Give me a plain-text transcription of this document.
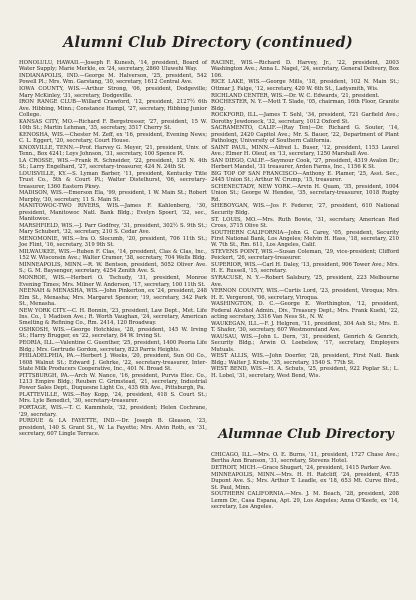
Alumni Club Directory (continued)

HONOLULU, HAWAII.—Joseph F. Kunesh, '14, president, Board of Water Supply; Marie Merkle, ex '24, secretary, 2860 Uluwehi Way.

INDIANAPOLIS, IND.—George M. Halverson, '25, president, 542 Powell Pl.; Mrs. Wm. Garstang, '30, secretary, 1612 Central Ave.

IOWA COUNTY, WIS.—Arthur Strong, '06, president, Dodgeville; Mary McKinley, '31, secretary, Dodgeville.

IRON RANGE CLUB—Willard Crawford, '12, president, 2127½ 6th Ave. Hibbing, Minn.; Constance Hampl, '27, secretary, Hibbing Junior College.

KANSAS CITY, MO.—Richard F. Bergstresser, '27, president, 15 W. 10th St.; Martin Lehman, '35, secretary, 3517 Cherry St.

KENOSHA, WIS.—Chester M. Zeff, ex '16, president, Evening News; C. L. Eggert, '20, secretary, Court House.

KNOXVILLE, TENN.—Prof. Harvey G. Meyer, '21, president, Univ. of Tenn., Box 4241; Loys Johnson, '31, secretary, 100 Spence Pl.

LA CROSSE, WIS.—Frank R. Schneider, '22, president, 125 N. 4th St.; Larry Engelhard, '27, secretary-treasurer, 424 N. 24th St.

LOUISVILLE, KY.—S. Lyman Barber, '11, president, Kentucky Title Trust Co., 5th & Court Pl.; Walter Distelhurst, '06, secretary-treasurer, 1360 Eastern Pkwy.

MADISON, WIS.—Emerson Ela, '99, president, 1 W. Main St.; Robert Murphy, '30, secretary, 11 S. Main St.

MANITOWOC-TWO RIVERS, WIS.—James F. Kahlenberg, '30, president, Manitowoc Natl. Bank Bldg.; Evelyn Spoerl, '32, sec., Manitowoc.

MARSHFIELD, WIS.—J. Parr Godfrey, '31, president, 302½ S. 9th St.; Mary Schubert, '32, secretary, 210 S. Cedar Ave.

MENOMONIE, WIS.—Ira O. Slocumb, '20, president, 706 11th St.; Joe Flint, '16, secretary, 319 9th St.

MILWAUKEE, WIS.—Ruben F. Clas, '14, president, Clas & Clas, Inc., 152 W. Wisconsin Ave.; Walter Cramer, '38, secretary, 704 Wells Bldg.

MINNEAPOLIS, MINN.—R. W. Bentson, president, 5052 Oliver Ave. S.; G. M. Baysenger, secretary, 4254 Zenith Ave. S.

MONROE, WIS.—Herbert O. Tschudy, '31, president, Monroe Evening Times; Mrs. Milner W. Anderson, '17, secretary, 100 11th St.

NEENAH & MENASHA, WIS.—John Pinkerton, ex '24, president, 248 Elm St., Menasha; Mrs. Margaret Spencer, '19, secretary, 342 Park St., Menasha.

NEW YORK CITY.—C. H. Bonnin, '23, president, Law Dept., Met. Life Ins. Co., 1 Madison Ave.; R. Worth Vaughan, '24, secretary, American Smelting & Refining Co., Rm. 2414, 120 Broadway.

OSHKOSH, WIS.—George Hotchkiss, '28, president, 145 W. Irving St.; Harry Brugger, ex '22, secretary, 84 W. Irving St.

PEORIA, ILL.—Valentine C. Guenther, '25, president, 1400 Peoria Life Bldg.; Mrs. Gertrude Gordon, secretary, 823 Parris Heights.

PHILADELPHIA, PA.—Herbert J. Weeks, '20, president, Sun Oil Co., 1608 Walnut St.; Edward J. Gehrke, '22, secretary-treasurer, Inter-State Milk Producers Cooperative, Inc., 401 N. Broad St.

PITTSBURGH, PA.—Arch W. Nance, '16, president, Purvis Elec. Co., 1213 Empire Bldg.; Reuben C. Grimstead, '21, secretary, Industrial Power Sales Dept., Duquesne Light Co., 435 6th Ave., Pittsburgh, Pa.

PLATTEVILLE, WIS.—Roy Kopp, '24, president, 418 S. Court St.; Mrs. Lyle Benedict, '30, secretary-treasurer.

PORTAGE, WIS.—T. C. Kammholz, '32, president; Helen Cochrane, '29, secretary.

PURDUE & LA FAYETTE, IND.—Dr. Joseph B. Gleason, '23, president, 140 S. Grant St., W. La Fayette; Mrs. Alvin Roth, ex '31, secretary, 607 Lingle Terrace.

RACINE, WIS.—Richard D. Harvey, Jr., '22, president, 2003 Washington Ave.; Anna L. Nagel, '24, secretary, General Delivery, Box 106.

RICE LAKE, WIS.—George Mills, '18, president, 102 N. Main St.; Ottmar J. Falge, '12, secretary, 420 W. 6th St., Ladysmith, Wis.

RICHLAND CENTER, WIS.—Dr. W. C. Edwards, '21, president.

ROCHESTER, N. Y.—Mott T. Slade, '05, chairman, 16th Floor, Granite Bldg.

ROCKFORD, ILL.—James T. Sehl, '34, president, 721 Garfield Ave.; Dorothy Jewdoneck, '32, secretary, 1012 Oxford St.

SACRAMENTO, CALIF.—(Ray Ten)—Dr. Richard G. Souter, '14, president, 2420 Capitol Ave.; Mr. S. Bauer, '22, Department of Plant Pathology, University of Southern California.

SAINT PAUL, MINN.—Alfred L. Buser, '12, president, 1153 Laurel Ave.; Elmer H. Oleuf, ex '13, secretary, 1250 Marshall Ave.

SAN DIEGO, CALIF.—Seymour Cook, '27, president, 4319 Avalon Dr.; Herbert Mandel, '31 treasurer, Arden Farms, Inc., 1156 K St.

BIG TOP OF SAN FRANCISCO—Anthony E. Plamer, '25, Asst. Sec., 2445 Union St.; Arthur W. Crump, '15, treasurer.

SCHENECTADY, NEW YORK.—Arvin H. Quam, '35, president, 1004 Union St.; George W. Hendee, '35, secretary-treasurer, 1018 Rugby Rd.

SHEBOYGAN, WIS.—Jos F. Federer, '27, president, 610 National Security Bldg.

ST. LOUIS, MO.—Mrs. Ruth Bowie, '31, secretary, American Red Cross, 3715 Olive St.

SOUTHERN CALIFORNIA—John G. Carey, '05, president, Security First National Bank, Los Angeles; Melvin H. Hass, '18, secretary, 210 W. 7th St., Rm. 611, Los Angeles, Calif.

STEVENS POINT, WIS.—Susan Coleman, '29, vice-president; Clifford Peickert, '26, secretary-treasurer.

SUPERIOR, WIS.—Carl H. Daley, '13, president, 906 Tower Ave.; Mrs. H. E. Russell, '15, secretary.

SYRACUSE, N. Y.—Robert Salsbury, '25, president, 223 Melbourne Ave.

VERNON COUNTY, WIS.—Curtis Lord, '23, president, Viroqua; Mrs. H. E. Vergeront, '06, secretary, Viroqua.

WASHINGTON, D. C.—George E. Worthington, '12, president, Federal Alcohol Admin., Div., Treasury Dept.; Mrs. Frank Kuehl, '22, acting secretary, 3316 Van Ness St., N. W.

WAUKEGAN, ILL.—F. J. Helgren, '11, president, 304 Ash St.; Mrs. E. T. Shafer, '30, secretary, 607 Westmoreland Ave.

WAUSAU, WIS.—John L. Dern, '31, president, Genrich & Genrich, Security Bldg.; Arwin O. Loebelow, '17, secretary, Employers Mutuals.

WEST ALLIS, WIS.—John Doerfer, '28, president, First Natl. Bank Bldg.; Walter J. Krebs, '35, secretary, 1540 S. 77th St.

WEST BEND, WIS.—H. A. Schuts, '25, president, 922 Poplar St.; L. H. Lobel, '31, secretary, West Bend, Wis.

Alumnae Club Directory

CHICAGO, ILL.—Mrs. O. E. Burns, '11, president, 1727 Chase Ave.; Bertha Ann Branson, '31, secretary, Stevens Hotel.

DETROIT, MICH.—Grace Shugart, '24, president, 1415 Parker Ave.

MINNEAPOLIS, MINN.—Mrs. H. H. Ratcliff, '24, president, 4735 Dupont Ave. S.; Mrs. Arthur T. Leadle, ex '18, 653 Mt. Curve Blvd., St. Paul, Minn.

SOUTHERN CALIFORNIA.—Mrs. J. M. Beach, '28, president, 208 Lemm Dr., Casa Espana, Apt. 29, Los Angeles; Anna O'Keefe, ex '14, secretary, Los Angeles.
